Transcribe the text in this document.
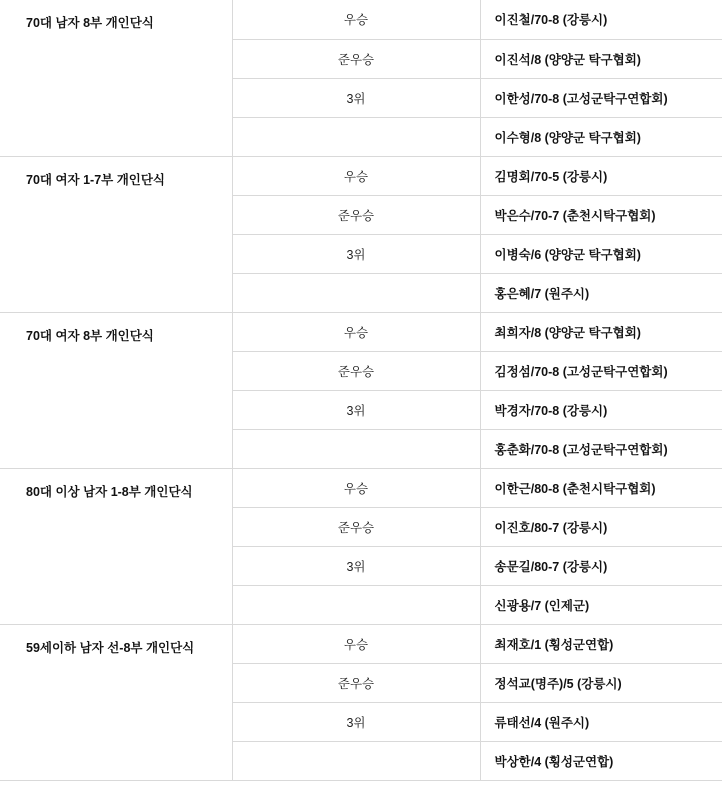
70대 남자 8부 개인단식	우승	이진철/70-8 (강릉시)
	준우승	이진석/8 (양양군 탁구협회)
	3위	이한성/70-8 (고성군탁구연합회)
		이수형/8 (양양군 탁구협회)
70대 여자 1-7부 개인단식	우승	김명회/70-5 (강릉시)
	준우승	박은수/70-7 (춘천시탁구협회)
	3위	이병숙/6 (양양군 탁구협회)
		홍은혜/7 (원주시)
70대 여자 8부 개인단식	우승	최희자/8 (양양군 탁구협회)
	준우승	김정섬/70-8 (고성군탁구연합회)
	3위	박경자/70-8 (강릉시)
		홍춘화/70-8 (고성군탁구연합회)
80대 이상 남자 1-8부 개인단식	우승	이한근/80-8 (춘천시탁구협회)
	준우승	이진호/80-7 (강릉시)
	3위	송문길/80-7 (강릉시)
		신광용/7 (인제군)
59세이하 남자 선-8부 개인단식	우승	최재호/1 (횡성군연합)
	준우승	정석교(명주)/5 (강릉시)
	3위	류태선/4 (원주시)
		박상한/4 (횡성군연합)
